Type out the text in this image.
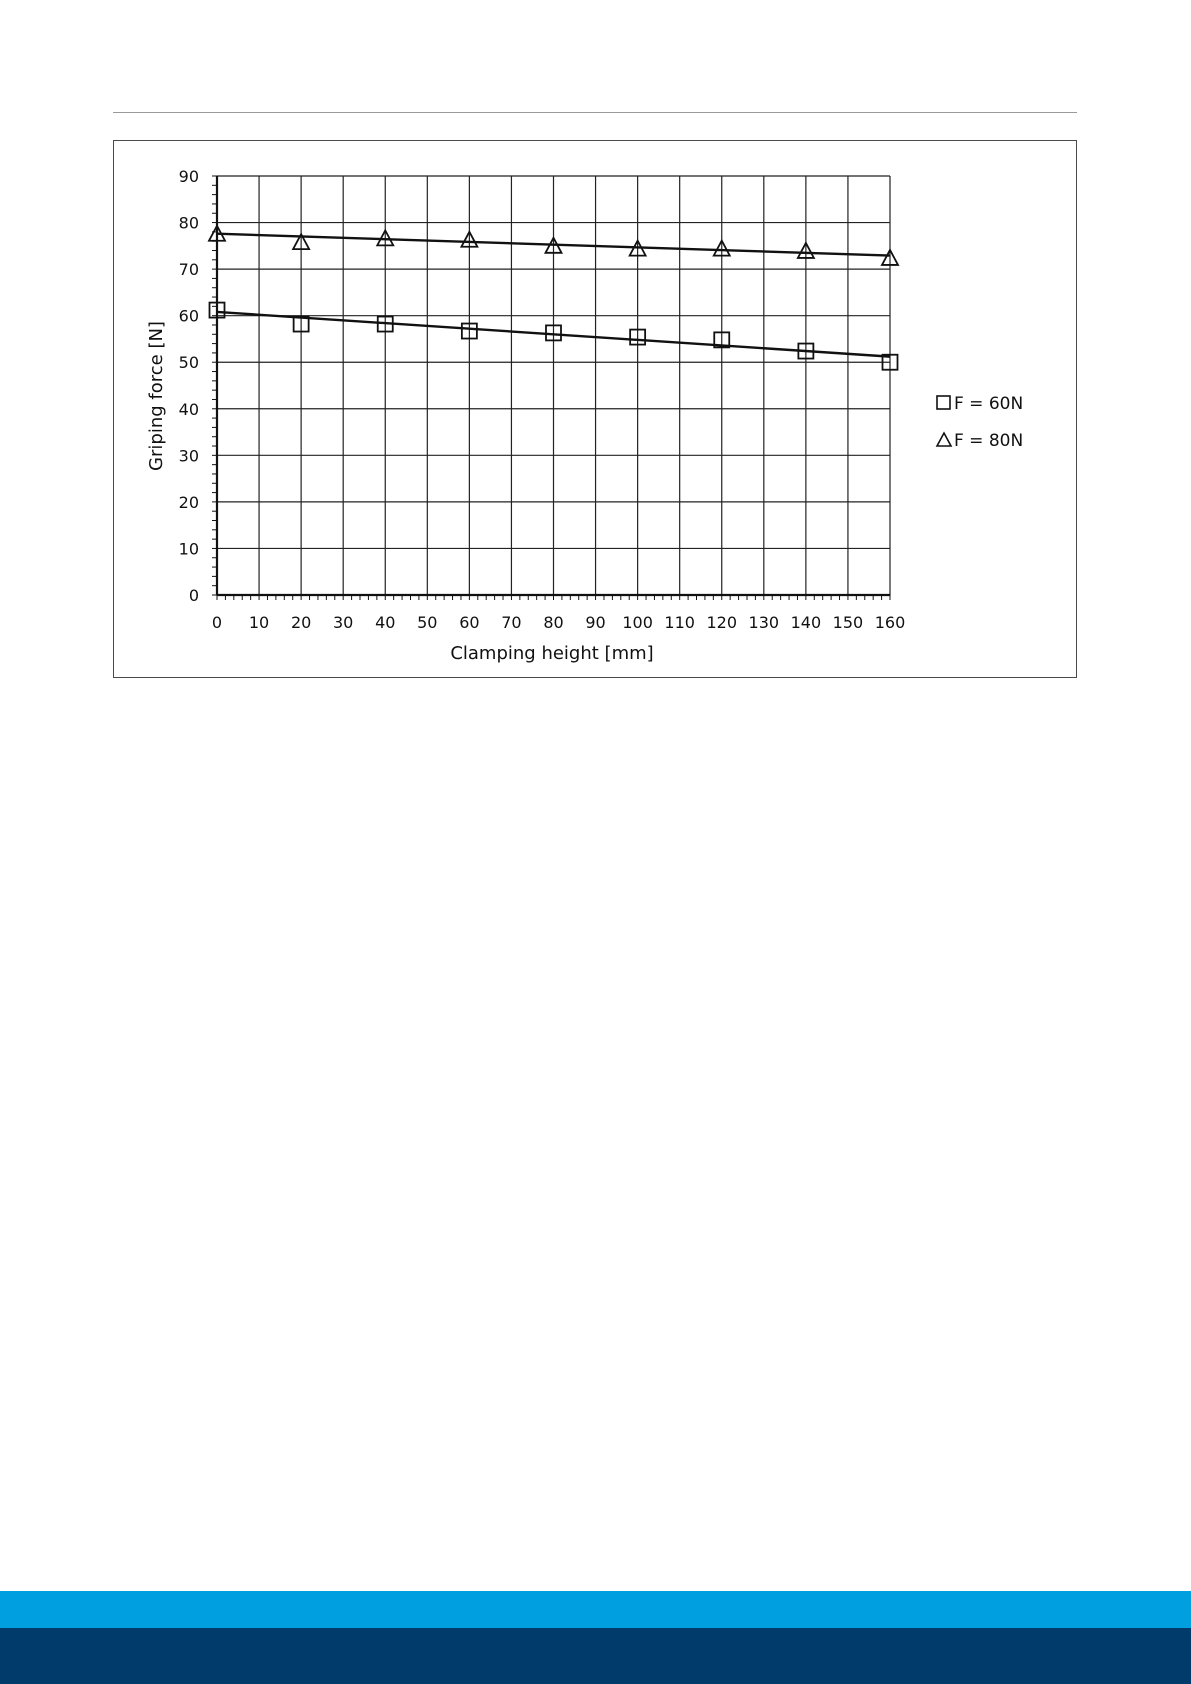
0 10 20 30 40 50 60 70 80 90 100 110 120 130 140 150 160
0
10
20
30
40
50
60
70
80
90
Clamping height [mm]
Griping force [N]	F = 60N
F = 80N
